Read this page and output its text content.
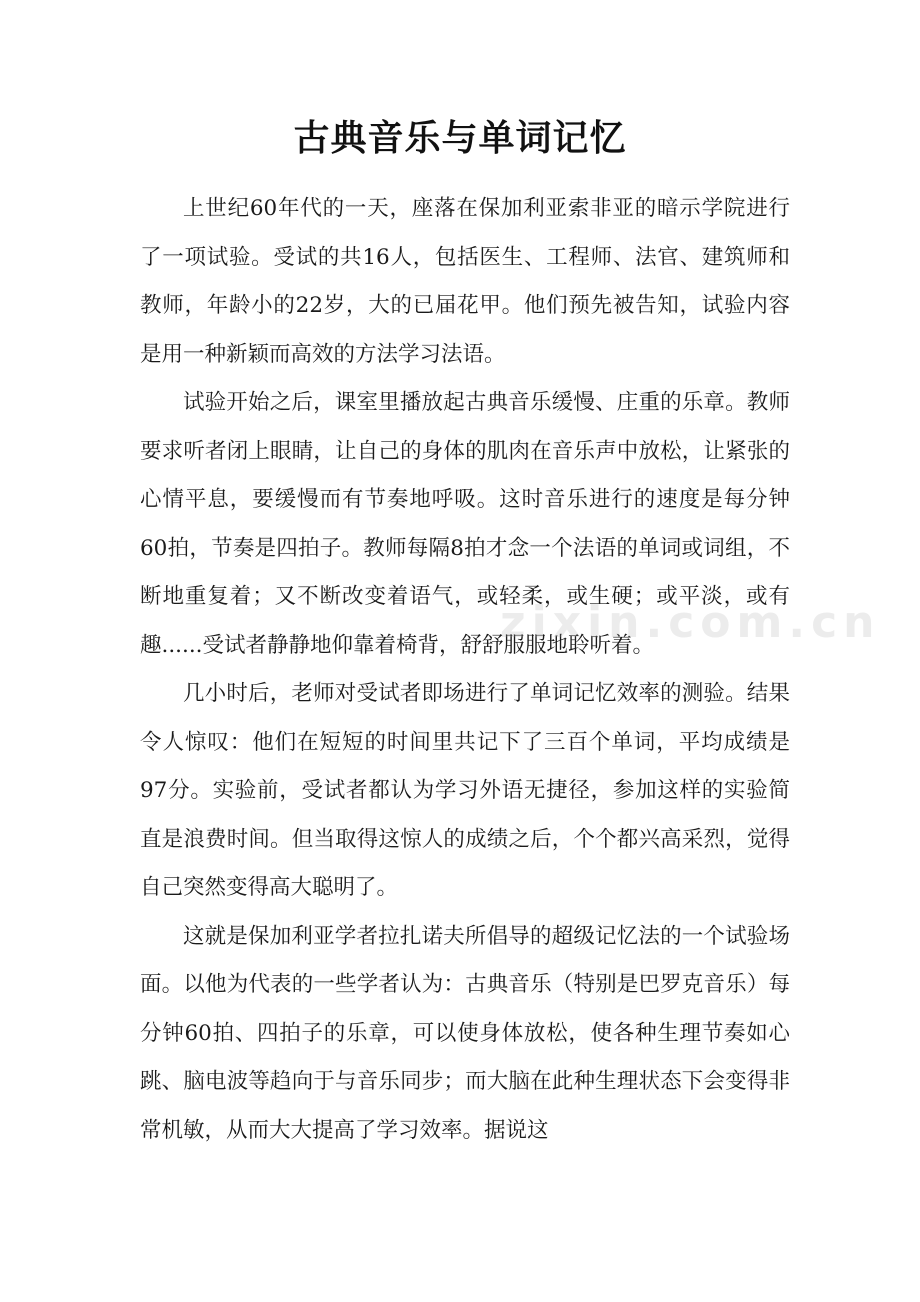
古典音乐与单词记忆

上世纪60年代的一天，座落在保加利亚索非亚的暗示学院进行了一项试验。受试的共16人，包括医生、工程师、法官、建筑师和教师，年龄小的22岁，大的已届花甲。他们预先被告知，试验内容是用一种新颖而高效的方法学习法语。

试验开始之后，课室里播放起古典音乐缓慢、庄重的乐章。教师要求听者闭上眼睛，让自己的身体的肌肉在音乐声中放松，让紧张的心情平息，要缓慢而有节奏地呼吸。这时音乐进行的速度是每分钟60拍，节奏是四拍子。教师每隔8拍才念一个法语的单词或词组，不断地重复着；又不断改变着语气，或轻柔，或生硬；或平淡，或有趣......受试者静静地仰靠着椅背，舒舒服服地聆听着。

几小时后，老师对受试者即场进行了单词记忆效率的测验。结果令人惊叹：他们在短短的时间里共记下了三百个单词，平均成绩是97分。实验前，受试者都认为学习外语无捷径，参加这样的实验简直是浪费时间。但当取得这惊人的成绩之后，个个都兴高采烈，觉得自己突然变得高大聪明了。

这就是保加利亚学者拉扎诺夫所倡导的超级记忆法的一个试验场面。以他为代表的一些学者认为：古典音乐（特别是巴罗克音乐）每分钟60拍、四拍子的乐章，可以使身体放松，使各种生理节奏如心跳、脑电波等趋向于与音乐同步；而大脑在此种生理状态下会变得非常机敏，从而大大提高了学习效率。据说这

zixin.com.cn
